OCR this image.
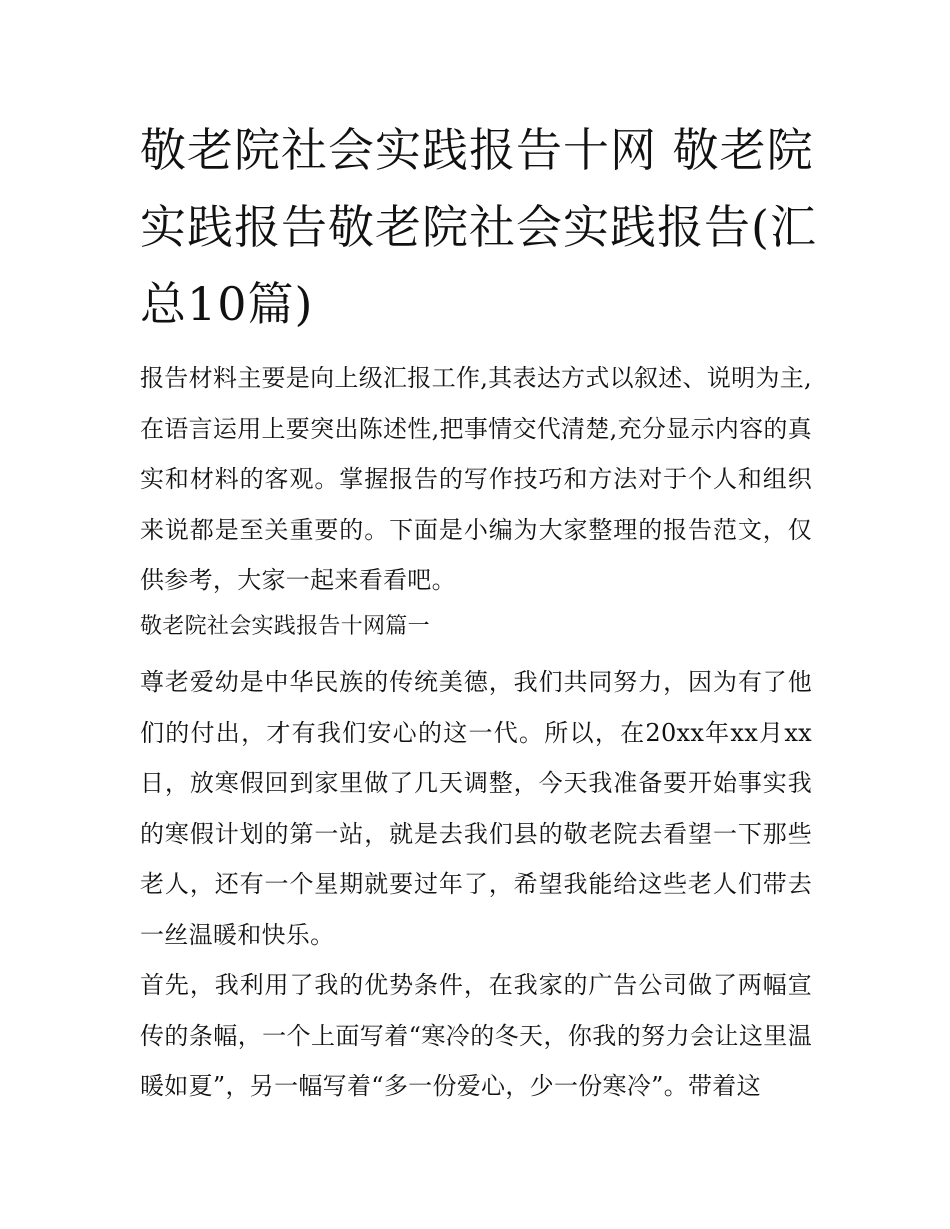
敬老院社会实践报告十网 敬老院实践报告敬老院社会实践报告(汇总10篇)

报告材料主要是向上级汇报工作,其表达方式以叙述、说明为主,在语言运用上要突出陈述性,把事情交代清楚,充分显示内容的真实和材料的客观。掌握报告的写作技巧和方法对于个人和组织来说都是至关重要的。下面是小编为大家整理的报告范文，仅供参考，大家一起来看看吧。

敬老院社会实践报告十网篇一

尊老爱幼是中华民族的传统美德，我们共同努力，因为有了他们的付出，才有我们安心的这一代。所以，在20xx年xx月xx日，放寒假回到家里做了几天调整，今天我准备要开始事实我的寒假计划的第一站，就是去我们县的敬老院去看望一下那些老人，还有一个星期就要过年了，希望我能给这些老人们带去一丝温暖和快乐。

首先，我利用了我的优势条件，在我家的广告公司做了两幅宣传的条幅，一个上面写着“寒冷的冬天，你我的努力会让这里温暖如夏”，另一幅写着“多一份爱心，少一份寒冷”。带着这
